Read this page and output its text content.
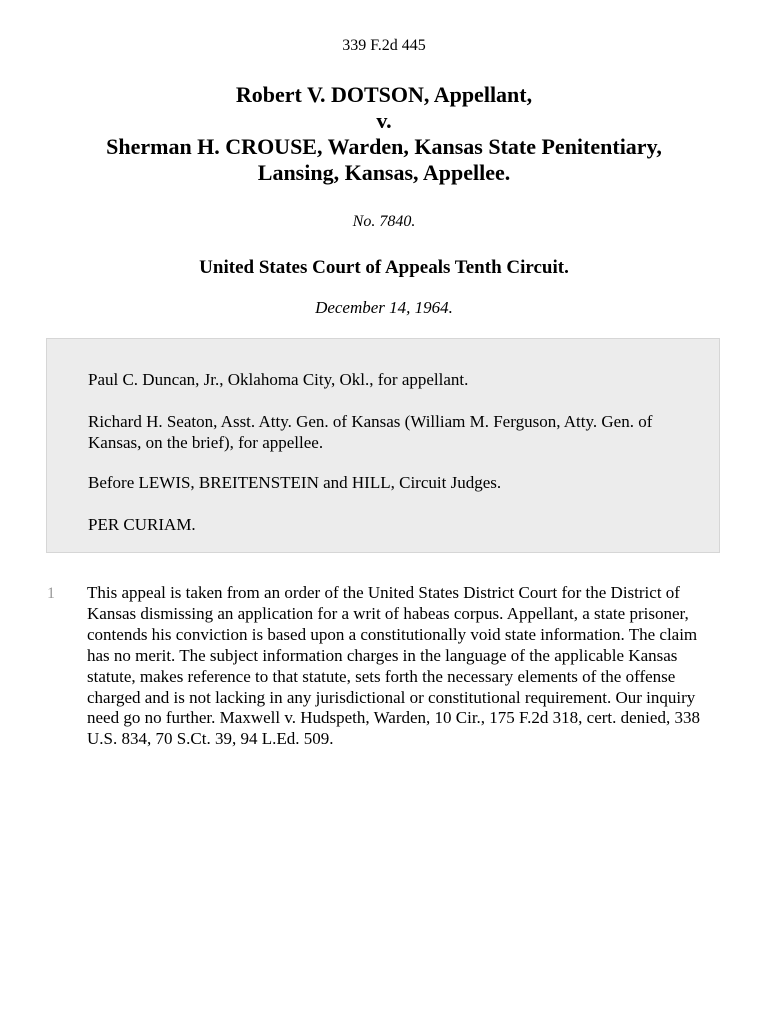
339 F.2d 445
Robert V. DOTSON, Appellant,
v.
Sherman H. CROUSE, Warden, Kansas State Penitentiary,
Lansing, Kansas, Appellee.
No. 7840.
United States Court of Appeals Tenth Circuit.
December 14, 1964.

Paul C. Duncan, Jr., Oklahoma City, Okl., for appellant.

Richard H. Seaton, Asst. Atty. Gen. of Kansas (William M. Ferguson, Atty. Gen. of Kansas, on the brief), for appellee.

Before LEWIS, BREITENSTEIN and HILL, Circuit Judges.

PER CURIAM.

1 This appeal is taken from an order of the United States District Court for the District of Kansas dismissing an application for a writ of habeas corpus. Appellant, a state prisoner, contends his conviction is based upon a constitutionally void state information. The claim has no merit. The subject information charges in the language of the applicable Kansas statute, makes reference to that statute, sets forth the necessary elements of the offense charged and is not lacking in any jurisdictional or constitutional requirement. Our inquiry need go no further. Maxwell v. Hudspeth, Warden, 10 Cir., 175 F.2d 318, cert. denied, 338 U.S. 834, 70 S.Ct. 39, 94 L.Ed. 509.
